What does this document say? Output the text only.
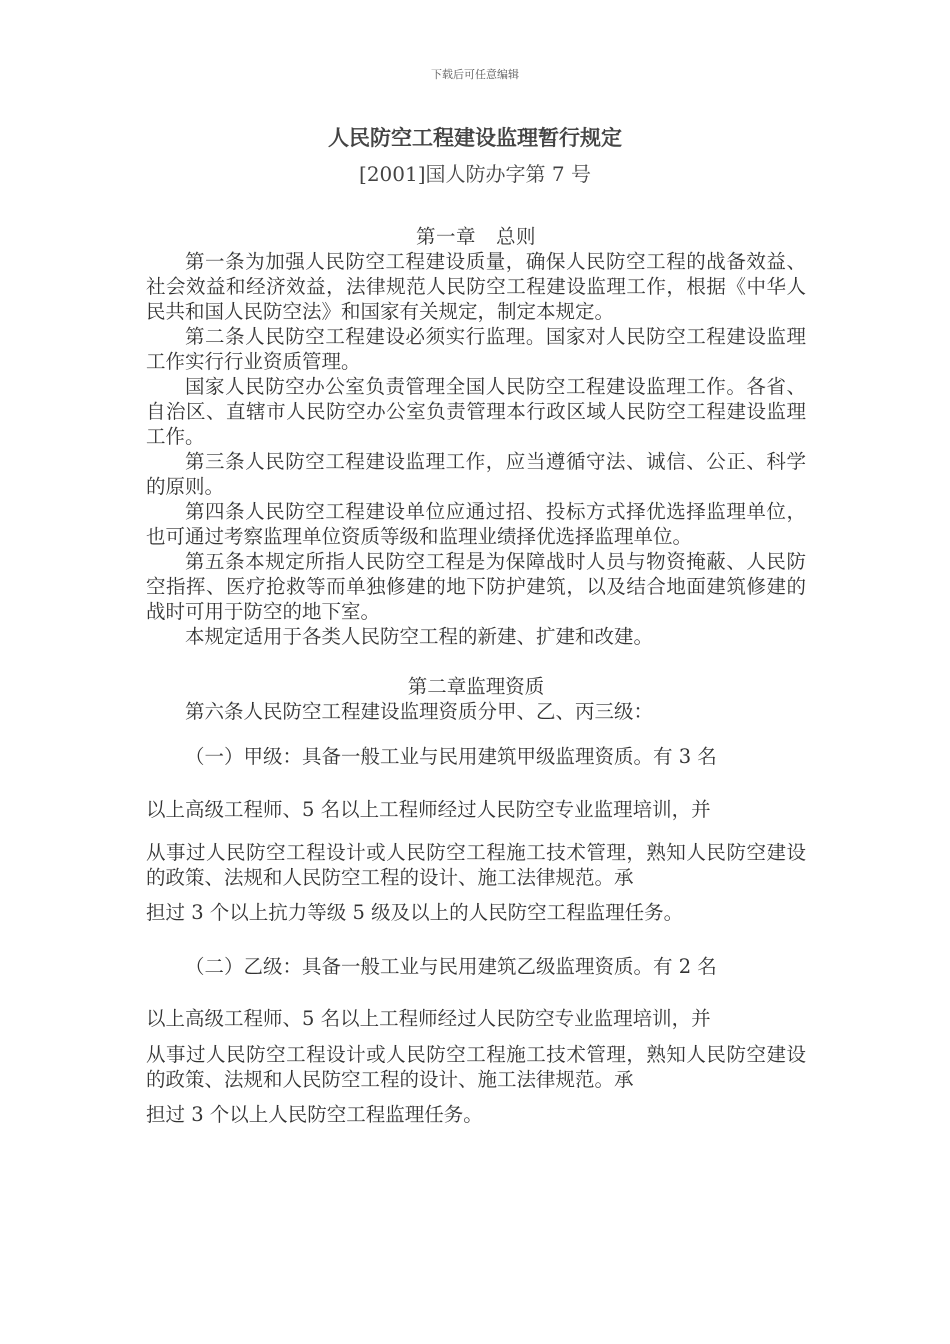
下载后可任意编辑
人民防空工程建设监理暂行规定
[2001]国人防办字第 7 号

第一章　总则

第一条为加强人民防空工程建设质量，确保人民防空工程的战备效益、社会效益和经济效益，法律规范人民防空工程建设监理工作，根据《中华人民共和国人民防空法》和国家有关规定，制定本规定。

第二条人民防空工程建设必须实行监理。国家对人民防空工程建设监理工作实行行业资质管理。

国家人民防空办公室负责管理全国人民防空工程建设监理工作。各省、自治区、直辖市人民防空办公室负责管理本行政区域人民防空工程建设监理工作。

第三条人民防空工程建设监理工作，应当遵循守法、诚信、公正、科学的原则。

第四条人民防空工程建设单位应通过招、投标方式择优选择监理单位，也可通过考察监理单位资质等级和监理业绩择优选择监理单位。

第五条本规定所指人民防空工程是为保障战时人员与物资掩蔽、人民防空指挥、医疗抢救等而单独修建的地下防护建筑，以及结合地面建筑修建的战时可用于防空的地下室。

本规定适用于各类人民防空工程的新建、扩建和改建。

第二章监理资质

第六条人民防空工程建设监理资质分甲、乙、丙三级：

（一）甲级：具备一般工业与民用建筑甲级监理资质。有 3 名

以上高级工程师、5 名以上工程师经过人民防空专业监理培训，并

从事过人民防空工程设计或人民防空工程施工技术管理，熟知人民防空建设的政策、法规和人民防空工程的设计、施工法律规范。承

担过 3 个以上抗力等级 5 级及以上的人民防空工程监理任务。

（二）乙级：具备一般工业与民用建筑乙级监理资质。有 2 名

以上高级工程师、5 名以上工程师经过人民防空专业监理培训，并

从事过人民防空工程设计或人民防空工程施工技术管理，熟知人民防空建设的政策、法规和人民防空工程的设计、施工法律规范。承

担过 3 个以上人民防空工程监理任务。
